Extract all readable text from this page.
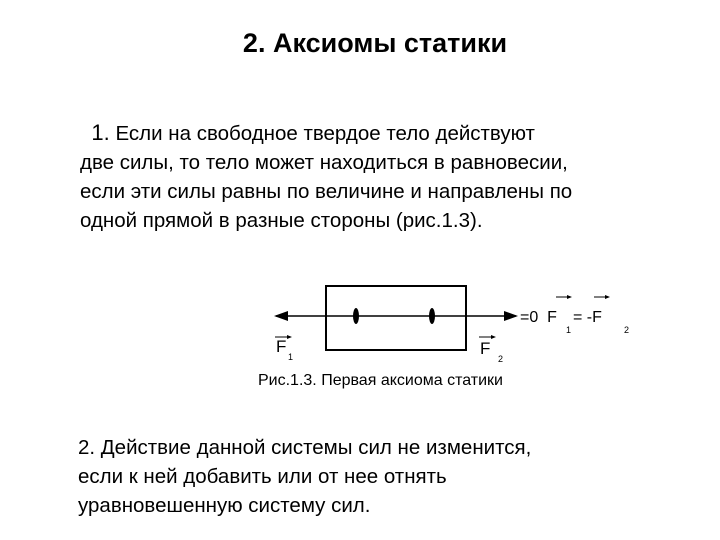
2. Аксиомы статики
1. Если на свободное твердое тело действуют
две силы, то тело может находиться в равновесии,
если эти силы равны по величине и направлены по
одной прямой в разные стороны (рис.1.3).
F
1	F
2
=0 F
1
= -F
2
Рис.1.3. Первая аксиома статики
2. Действие данной системы сил не изменится,
если к ней добавить или от нее отнять
уравновешенную систему сил.
